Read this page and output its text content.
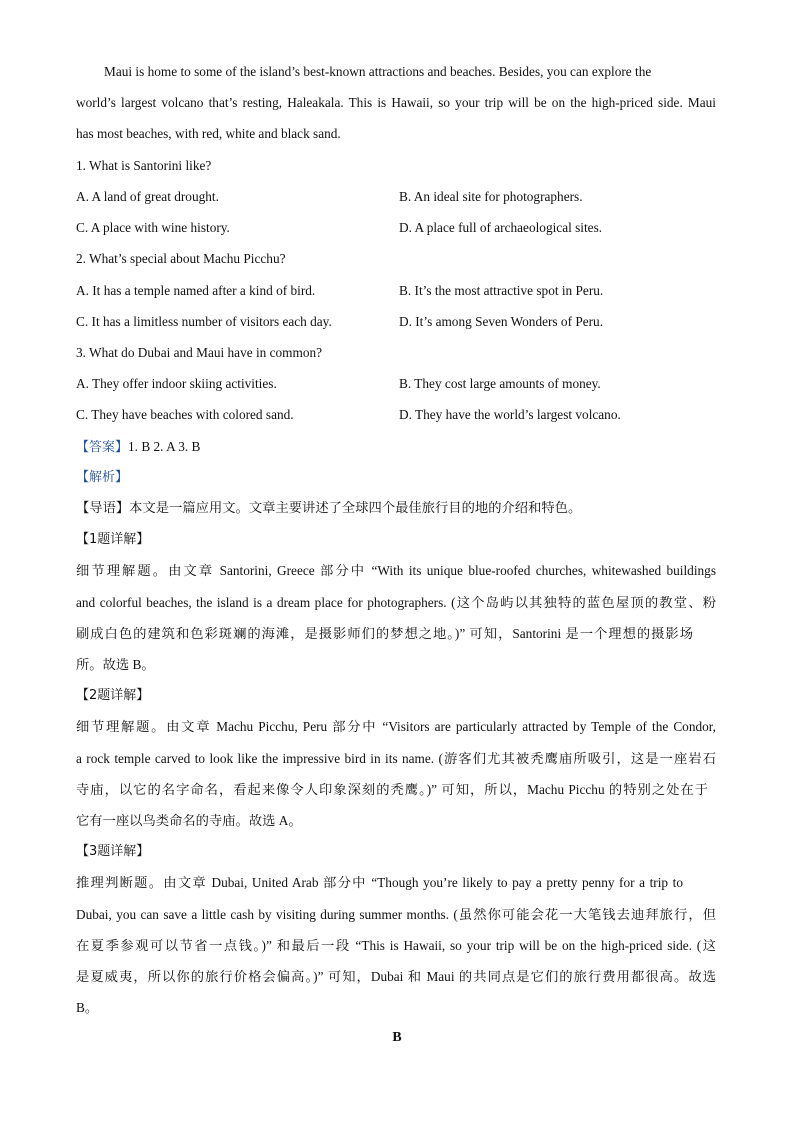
Maui is home to some of the island’s best-known attractions and beaches. Besides, you can explore the
world’s largest volcano that’s resting, Haleakala. This is Hawaii, so your trip will be on the high-priced side. Maui
has most beaches, with red, white and black sand.
1. What is Santorini like?
A. A land of great drought.	B. An ideal site for photographers.
C. A place with wine history.	D. A place full of archaeological sites.
2. What’s special about Machu Picchu?
A. It has a temple named after a kind of bird.	B. It’s the most attractive spot in Peru.
C. It has a limitless number of visitors each day.	D. It’s among Seven Wonders of Peru.
3. What do Dubai and Maui have in common?
A. They offer indoor skiing activities.	B. They cost large amounts of money.
C. They have beaches with colored sand.	D. They have the world’s largest volcano.
【答案】1. B 2. A 3. B
【解析】
【导语】本文是一篇应用文。文章主要讲述了全球四个最佳旅行目的地的介绍和特色。
【1题详解】
细节理解题。由文章 Santorini, Greece 部分中 “With its unique blue-roofed churches, whitewashed buildings
and colorful beaches, the island is a dream place for photographers. (这个岛屿以其独特的蓝色屋顶的教堂、粉
刷成白色的建筑和色彩斑斓的海滩，是摄影师们的梦想之地。)” 可知，Santorini 是一个理想的摄影场
所。故选 B。
【2题详解】
细节理解题。由文章 Machu Picchu, Peru 部分中 “Visitors are particularly attracted by Temple of the Condor,
a rock temple carved to look like the impressive bird in its name. (游客们尤其被秃鹰庙所吸引，这是一座岩石
寺庙，以它的名字命名，看起来像令人印象深刻的秃鹰。)” 可知，所以，Machu Picchu 的特别之处在于
它有一座以鸟类命名的寺庙。故选 A。
【3题详解】
推理判断题。由文章 Dubai, United Arab 部分中 “Though you’re likely to pay a pretty penny for a trip to
Dubai, you can save a little cash by visiting during summer months. (虽然你可能会花一大笔钱去迪拜旅行，但
在夏季参观可以节省一点钱。)” 和最后一段 “This is Hawaii, so your trip will be on the high-priced side. (这
是夏威夷，所以你的旅行价格会偏高。)” 可知，Dubai 和 Maui 的共同点是它们的旅行费用都很高。故选
B。
B
